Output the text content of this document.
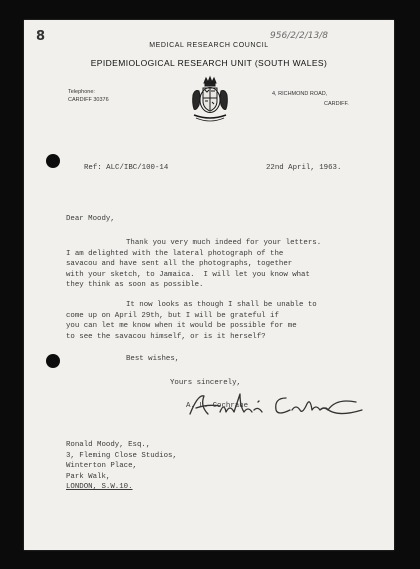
8	956/2/2/13/8
MEDICAL RESEARCH COUNCIL
EPIDEMIOLOGICAL RESEARCH UNIT (SOUTH WALES)
Telephone:
CARDIFF 30376
4, RICHMOND ROAD,
CARDIFF.
Ref: ALC/IBC/100-14	22nd April, 1963.
Dear Moody,
Thank you very much indeed for your letters.
I am delighted with the lateral photograph of the
savacou and have sent all the photographs, together
with your sketch, to Jamaica.  I will let you know what
they think as soon as possible.
It now looks as though I shall be unable to
come up on April 29th, but I will be grateful if
you can let me know when it would be possible for me
to see the savacou himself, or is it herself?
Best wishes,
Yours sincerely,
A. L. Cochrane
Ronald Moody, Esq.,
3, Fleming Close Studios,
Winterton Place,
Park Walk,
LONDON, S.W.10.
